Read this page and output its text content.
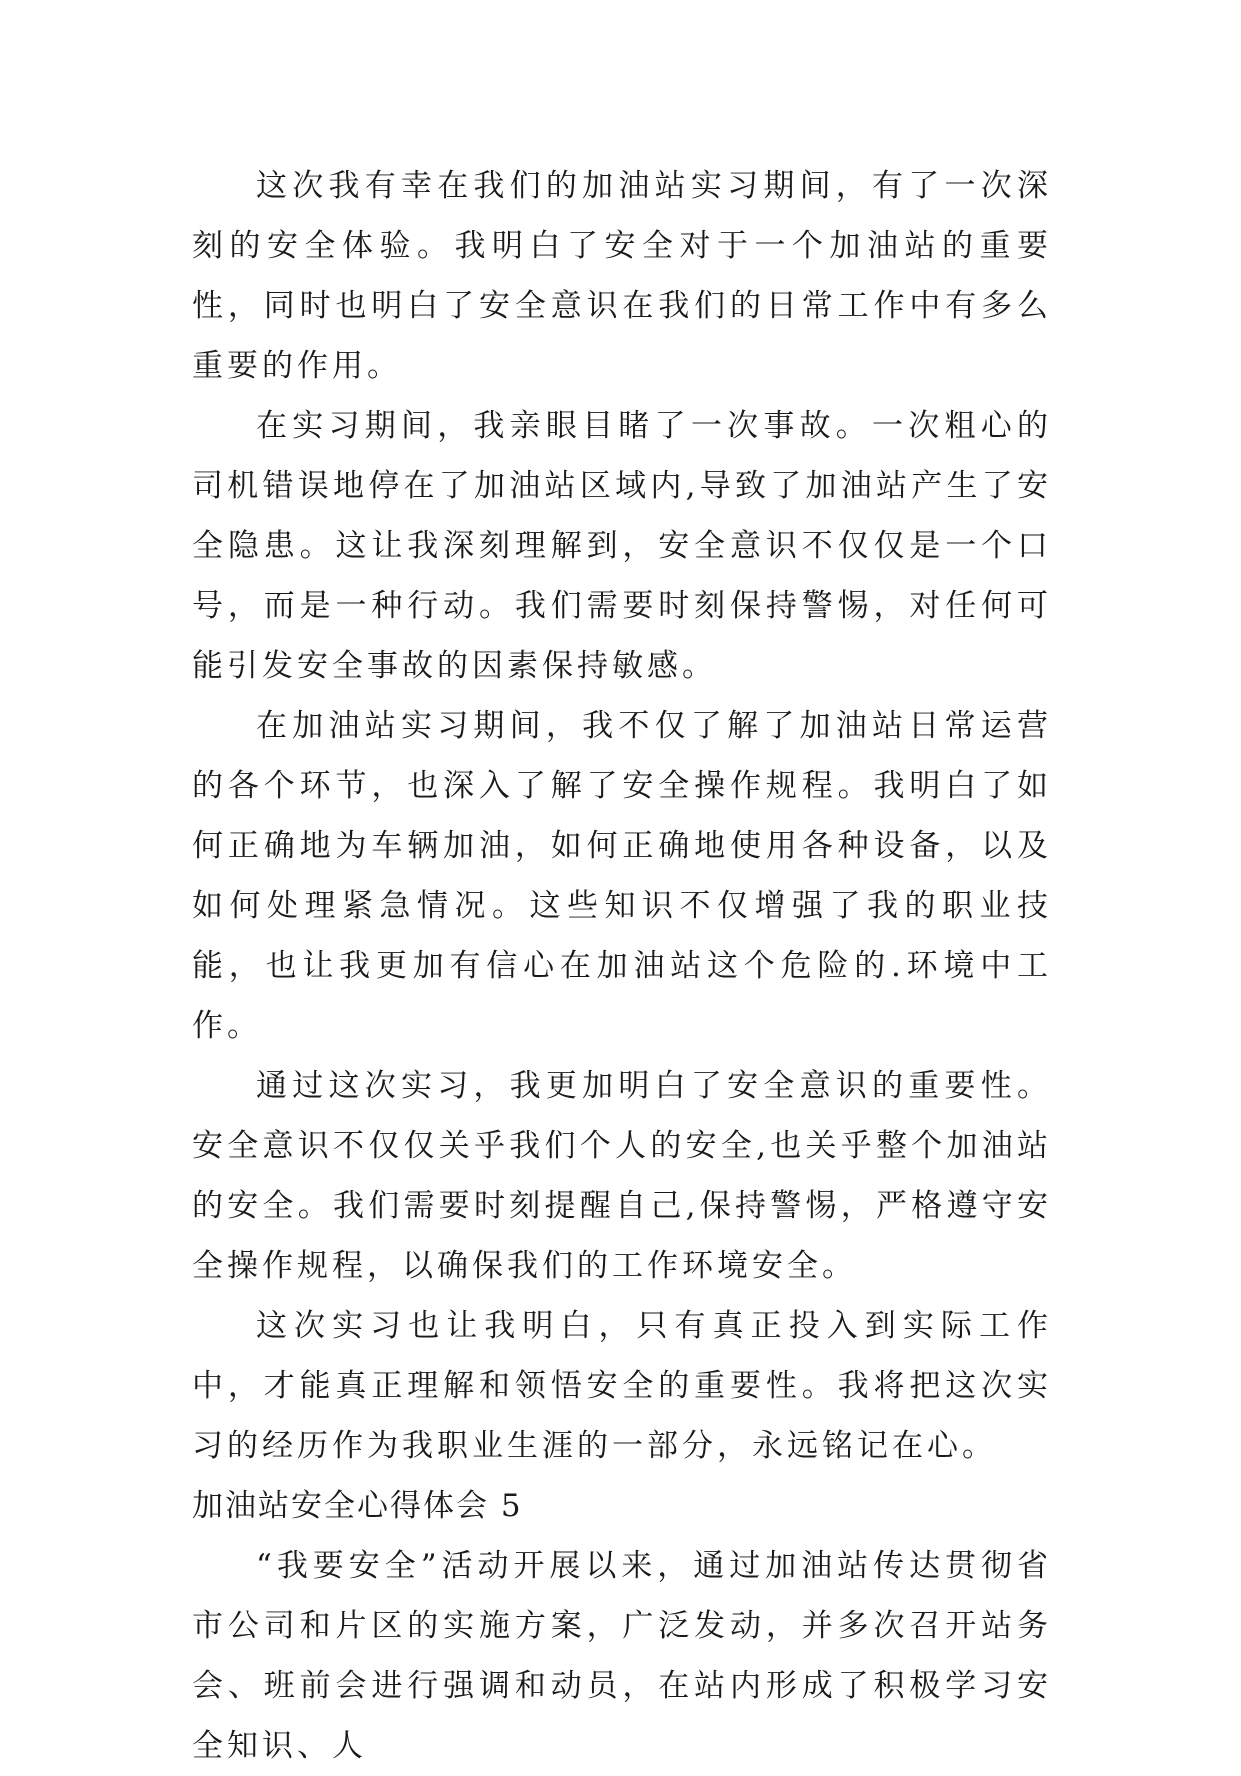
这次我有幸在我们的加油站实习期间，有了一次深刻的安全体验。我明白了安全对于一个加油站的重要性，同时也明白了安全意识在我们的日常工作中有多么重要的作用。

在实习期间，我亲眼目睹了一次事故。一次粗心的司机错误地停在了加油站区域内,导致了加油站产生了安全隐患。这让我深刻理解到，安全意识不仅仅是一个口号，而是一种行动。我们需要时刻保持警惕，对任何可能引发安全事故的因素保持敏感。

在加油站实习期间，我不仅了解了加油站日常运营的各个环节，也深入了解了安全操作规程。我明白了如何正确地为车辆加油，如何正确地使用各种设备，以及如何处理紧急情况。这些知识不仅增强了我的职业技能，也让我更加有信心在加油站这个危险的.环境中工作。

通过这次实习，我更加明白了安全意识的重要性。安全意识不仅仅关乎我们个人的安全,也关乎整个加油站的安全。我们需要时刻提醒自己,保持警惕，严格遵守安全操作规程，以确保我们的工作环境安全。

这次实习也让我明白，只有真正投入到实际工作中，才能真正理解和领悟安全的重要性。我将把这次实习的经历作为我职业生涯的一部分，永远铭记在心。

加油站安全心得体会 5

“我要安全”活动开展以来，通过加油站传达贯彻省市公司和片区的实施方案，广泛发动，并多次召开站务会、班前会进行强调和动员，在站内形成了积极学习安全知识、人
